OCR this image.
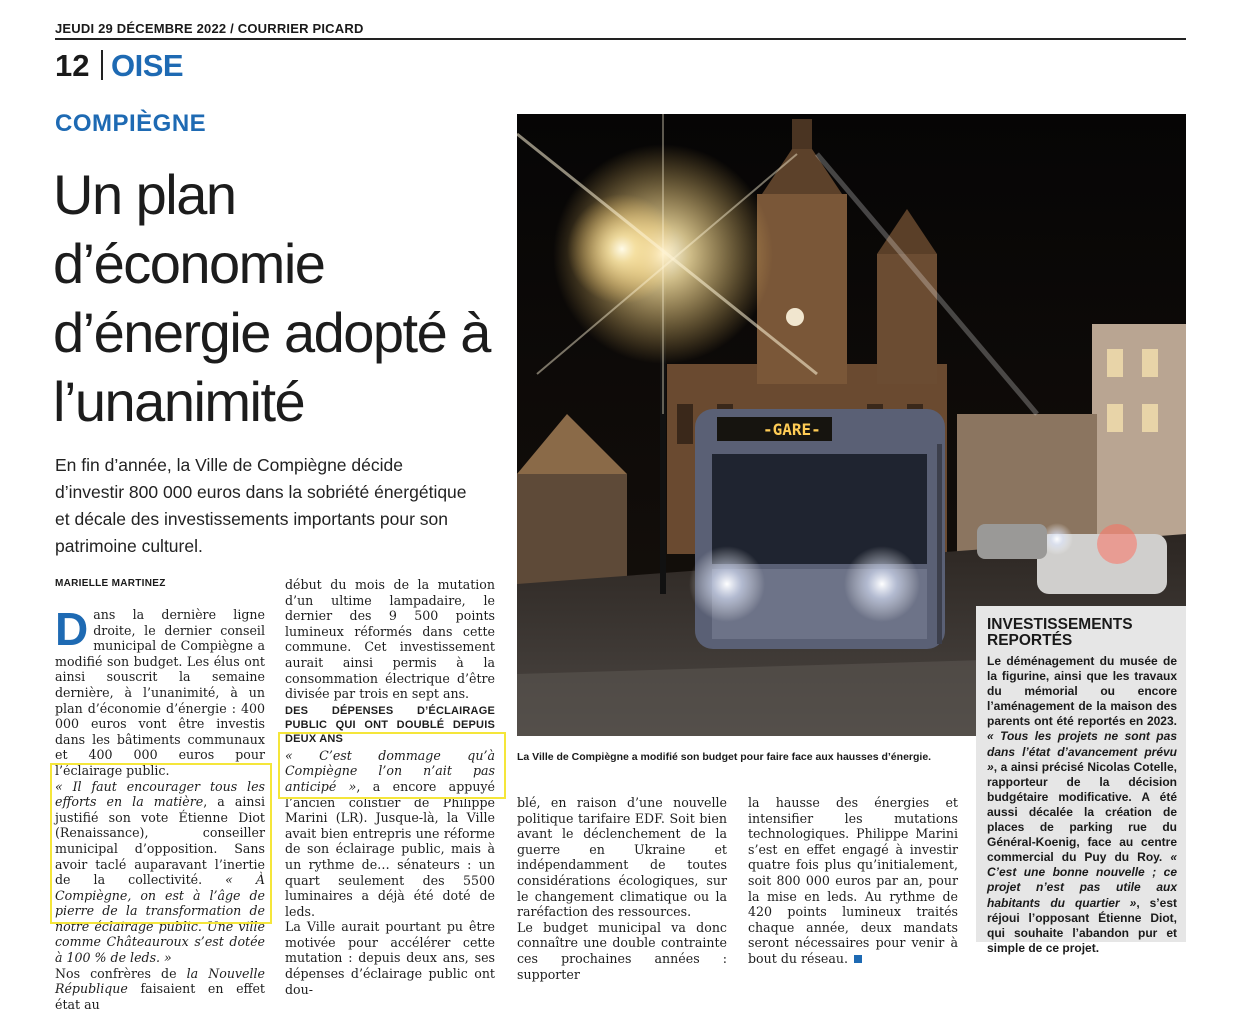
JEUDI 29 DÉCEMBRE 2022 / COURRIER PICARD
12 OISE
COMPIÈGNE
Un plan d’économie d’énergie adopté à l’unanimité
En fin d’année, la Ville de Compiègne décide d’investir 800 000 euros dans la sobriété énergétique et décale des investissements importants pour son patrimoine culturel.
MARIELLE MARTINEZ

Dans la dernière ligne droite, le dernier conseil municipal de Compiègne a modifié son budget. Les élus ont ainsi souscrit la semaine dernière, à l’unanimité, à un plan d’économie d’énergie : 400 000 euros vont être investis dans les bâtiments communaux et 400 000 euros pour l’éclairage public.

« Il faut encourager tous les efforts en la matière, a ainsi justifié son vote Étienne Diot (Renaissance), conseiller municipal d’opposition. Sans avoir taclé auparavant l’inertie de la collectivité. « À Compiègne, on est à l’âge de pierre de la transformation de notre éclairage public. Une ville comme Châteauroux s’est dotée à 100 % de leds. »

Nos confrères de la Nouvelle République faisaient en effet état au

début du mois de la mutation d’un ultime lampadaire, le dernier des 9 500 points lumineux réformés dans cette commune. Cet investissement aurait ainsi permis à la consommation électrique d’être divisée par trois en sept ans.

DES DÉPENSES D’ÉCLAIRAGE PUBLIC QUI ONT DOUBLÉ DEPUIS DEUX ANS

« C’est dommage qu’à Compiègne l’on n’ait pas anticipé », a encore appuyé l’ancien colistier de Philippe Marini (LR). Jusque-là, la Ville avait bien entrepris une réforme de son éclairage public, mais à un rythme de… sénateurs : un quart seulement des 5500 luminaires a déjà été doté de leds.

La Ville aurait pourtant pu être motivée pour accélérer cette mutation : depuis deux ans, ses dépenses d’éclairage public ont dou-

-GARE-
La Ville de Compiègne a modifié son budget pour faire face aux hausses d’énergie.

blé, en raison d’une nouvelle politique tarifaire EDF. Soit bien avant le déclenchement de la guerre en Ukraine et indépendamment de toutes considérations écologiques, sur le changement climatique ou la raréfaction des ressources.

Le budget municipal va donc connaître une double contrainte ces prochaines années : supporter

la hausse des énergies et intensifier les mutations technologiques. Philippe Marini s’est en effet engagé à investir quatre fois plus qu’initialement, soit 800 000 euros par an, pour la mise en leds. Au rythme de 420 points lumineux traités chaque année, deux mandats seront nécessaires pour venir à bout du réseau.

INVESTISSEMENTS REPORTÉS

Le déménagement du musée de la figurine, ainsi que les travaux du mémorial ou encore l’aménagement de la maison des parents ont été reportés en 2023. « Tous les projets ne sont pas dans l’état d’avancement prévu », a ainsi précisé Nicolas Cotelle, rapporteur de la décision budgétaire modificative. A été aussi décalée la création de places de parking rue du Général-Koenig, face au centre commercial du Puy du Roy. « C’est une bonne nouvelle ; ce projet n’est pas utile aux habitants du quartier », s’est réjoui l’opposant Étienne Diot, qui souhaite l’abandon pur et simple de ce projet.
